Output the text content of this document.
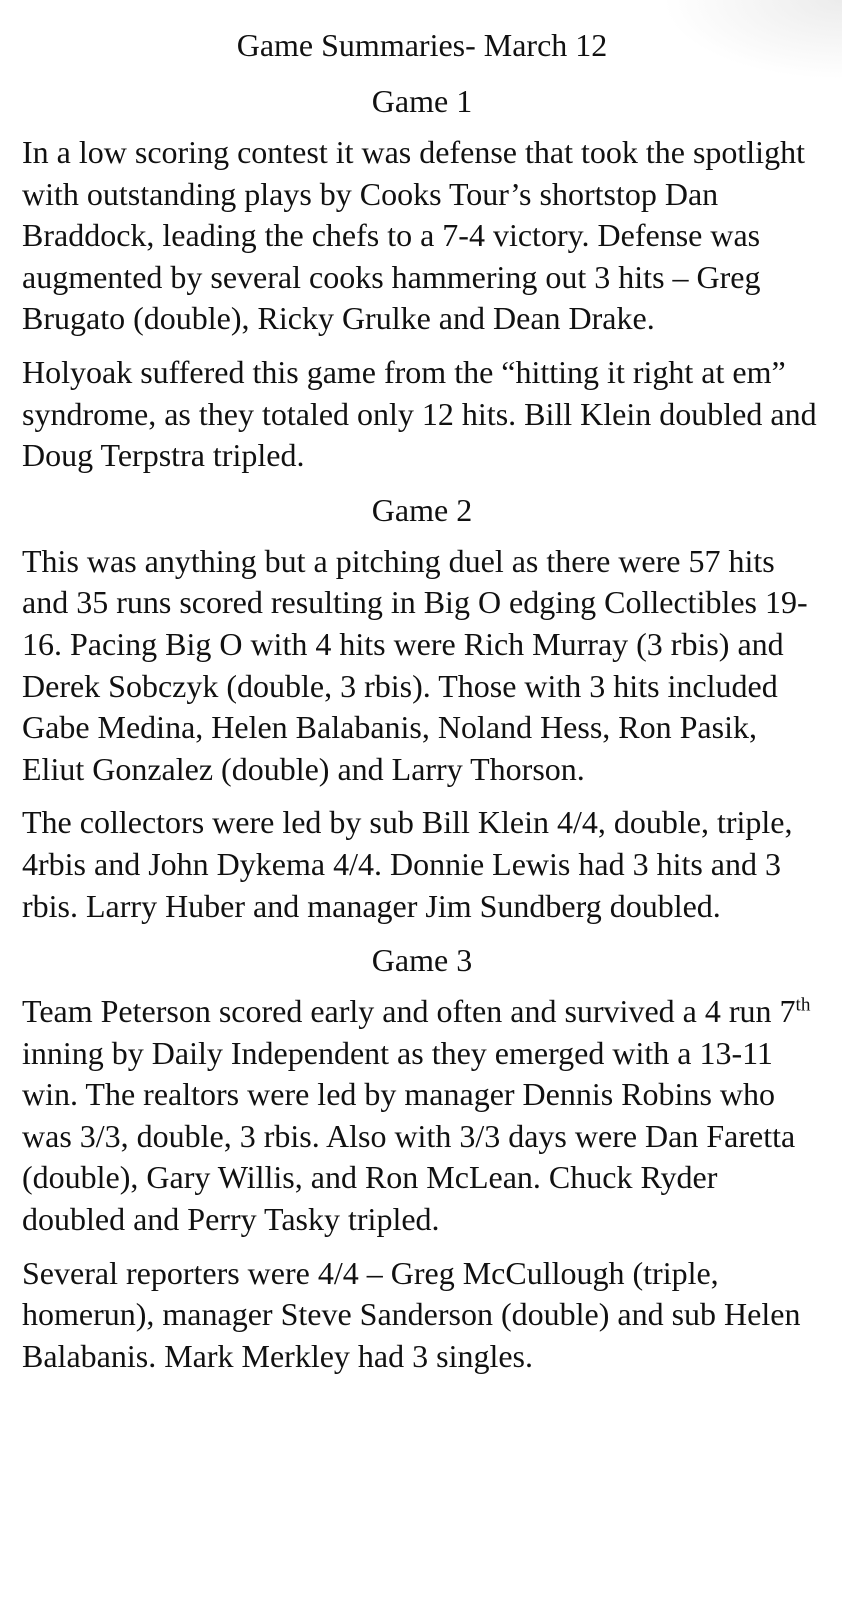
Game Summaries- March 12
Game 1

In a low scoring contest it was defense that took the spotlight with outstanding plays by Cooks Tour’s shortstop Dan Braddock, leading the chefs to a 7-4 victory. Defense was augmented by several cooks hammering out 3 hits – Greg Brugato (double), Ricky Grulke and Dean Drake.

Holyoak suffered this game from the “hitting it right at em” syndrome, as they totaled only 12 hits. Bill Klein doubled and Doug Terpstra tripled.

Game 2

This was anything but a pitching duel as there were 57 hits and 35 runs scored resulting in Big O edging Collectibles 19-16. Pacing Big O with 4 hits were Rich Murray (3 rbis) and Derek Sobczyk (double, 3 rbis). Those with 3 hits included Gabe Medina, Helen Balabanis, Noland Hess, Ron Pasik, Eliut Gonzalez (double) and Larry Thorson.

The collectors were led by sub Bill Klein 4/4, double, triple, 4rbis and John Dykema 4/4. Donnie Lewis had 3 hits and 3 rbis. Larry Huber and manager Jim Sundberg doubled.

Game 3

Team Peterson scored early and often and survived a 4 run 7th inning by Daily Independent as they emerged with a 13-11 win. The realtors were led by manager Dennis Robins who was 3/3, double, 3 rbis. Also with 3/3 days were Dan Faretta (double), Gary Willis, and Ron McLean. Chuck Ryder doubled and Perry Tasky tripled.

Several reporters were 4/4 – Greg McCullough (triple, homerun), manager Steve Sanderson (double) and sub Helen Balabanis. Mark Merkley had 3 singles.
